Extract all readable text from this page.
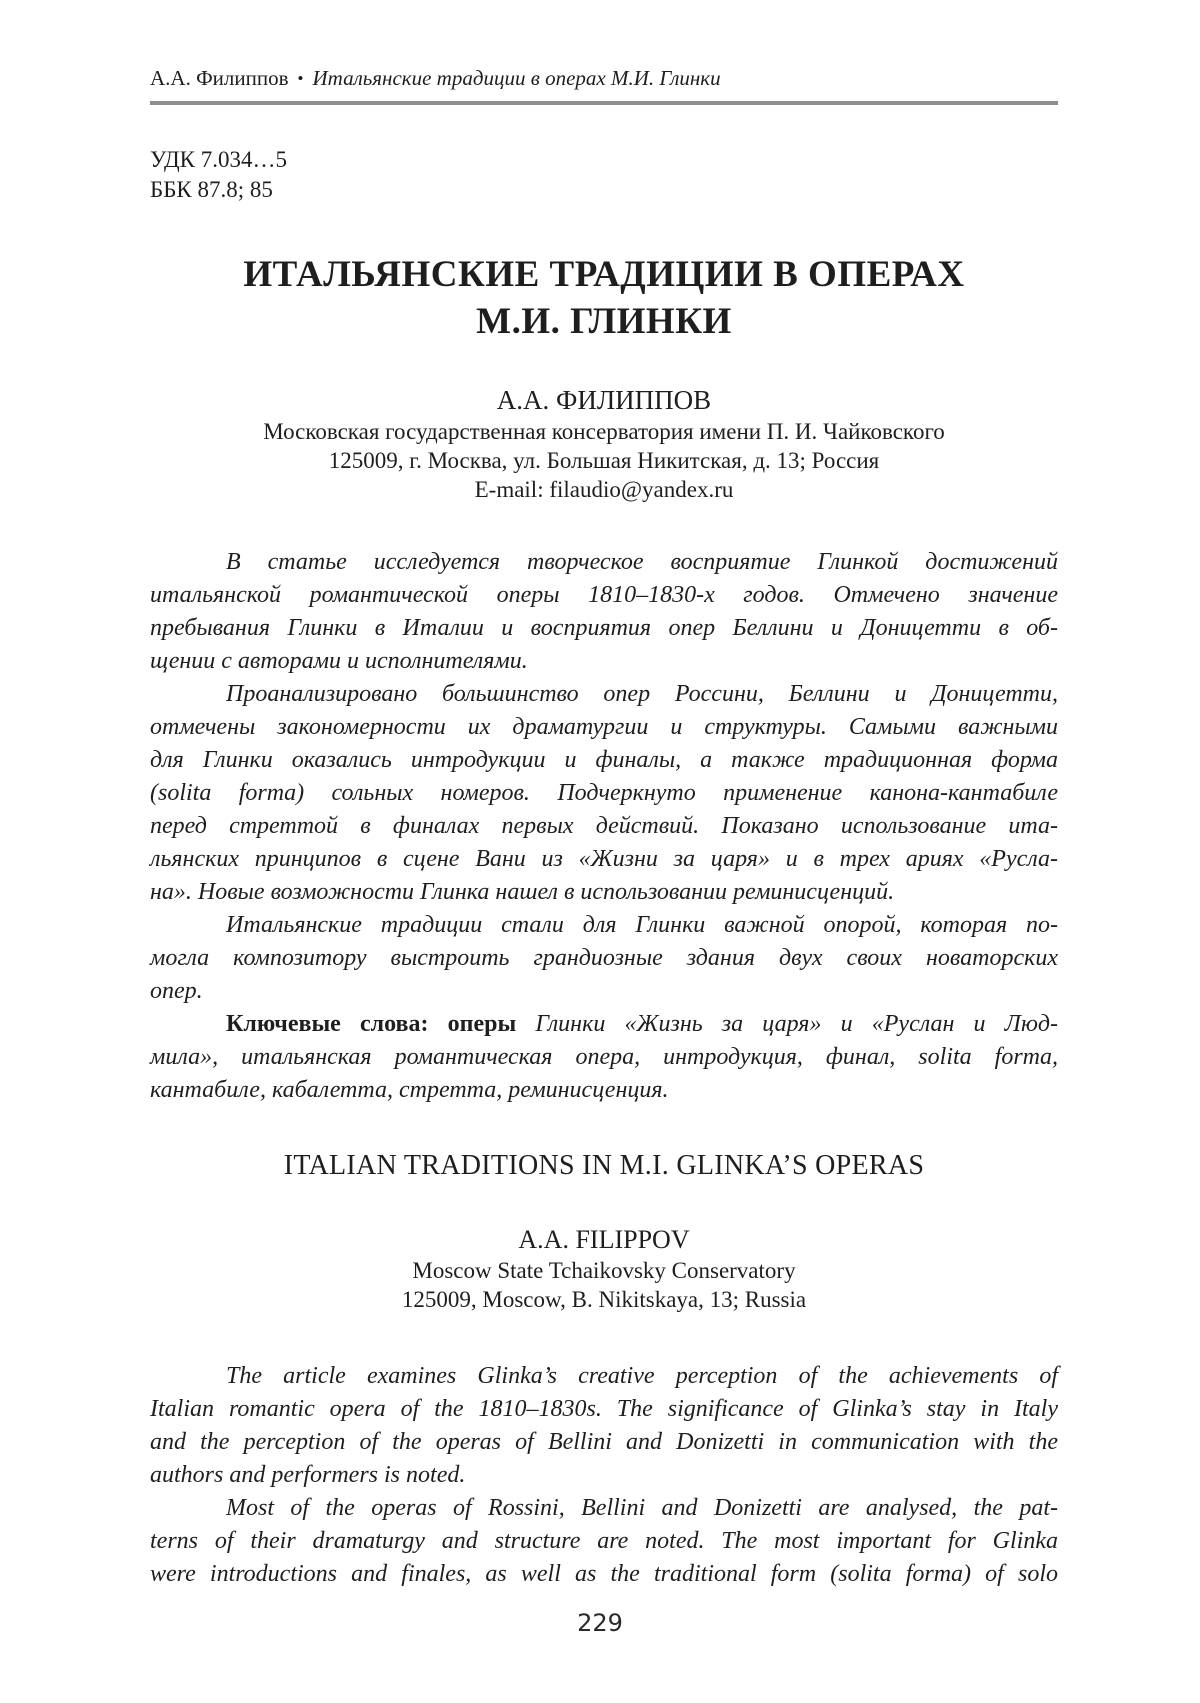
А.А. Филиппов • Итальянские традиции в операх М.И. Глинки
УДК 7.034…5
ББК 87.8; 85
ИТАЛЬЯНСКИЕ ТРАДИЦИИ В ОПЕРАХ
М.И. ГЛИНКИ
А.А. ФИЛИППОВ
Московская государственная консерватория имени П. И. Чайковского
125009, г. Москва, ул. Большая Никитская, д. 13; Россия
E-mail: filaudio@yandex.ru
В статье исследуется творческое восприятие Глинкой достижений
итальянской романтической оперы 1810–1830-х годов. Отмечено значение
пребывания Глинки в Италии и восприятия опер Беллини и Доницетти в об-
щении с авторами и исполнителями.
Проанализировано большинство опер Россини, Беллини и Доницетти,
отмечены закономерности их драматургии и структуры. Самыми важными
для Глинки оказались интродукции и финалы, а также традиционная форма
(solita forma) сольных номеров. Подчеркнуто применение канона-кантабиле
перед стреттой в финалах первых действий. Показано использование ита-
льянских принципов в сцене Вани из «Жизни за царя» и в трех ариях «Русла-
на». Новые возможности Глинка нашел в использовании реминисценций.
Итальянские традиции стали для Глинки важной опорой, которая по-
могла композитору выстроить грандиозные здания двух своих новаторских
опер.
Ключевые слова: оперы Глинки «Жизнь за царя» и «Руслан и Люд-
мила», итальянская романтическая опера, интродукция, финал, solita forma,
кантабиле, кабалетта, стретта, реминисценция.
ITALIAN TRADITIONS IN M.I. GLINKA’S OPERAS
A.A. FILIPPOV
Moscow State Tchaikovsky Conservatory
125009, Moscow, B. Nikitskaya, 13; Russia
The article examines Glinka’s creative perception of the achievements of
Italian romantic opera of the 1810–1830s. The significance of Glinka’s stay in Italy
and the perception of the operas of Bellini and Donizetti in communication with the
authors and performers is noted.
Most of the operas of Rossini, Bellini and Donizetti are analysed, the pat-
terns of their dramaturgy and structure are noted. The most important for Glinka
were introductions and finales, as well as the traditional form (solita forma) of solo
229
